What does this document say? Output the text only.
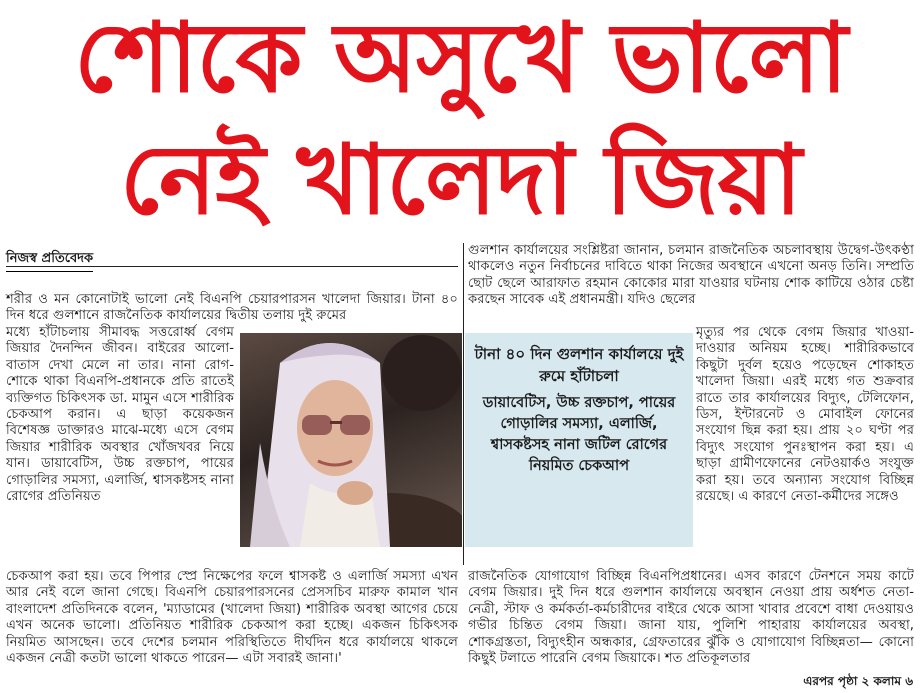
শোকে অসুখে ভালো
নেই খালেদা জিয়া
নিজস্ব প্রতিবেদক

শরীর ও মন কোনোটাই ভালো নেই বিএনপি চেয়ারপারসন খালেদা জিয়ার। টানা ৪০ দিন ধরে গুলশানে রাজনৈতিক কার্যালয়ের দ্বিতীয় তলায় দুই রুমের

মধ্যে হাঁটাচলায় সীমাবদ্ধ সত্তরোর্ধ্ব বেগম জিয়ার দৈনন্দিন জীবন। বাইরের আলো-বাতাস দেখা মেলে না তার। নানা রোগ-শোকে থাকা বিএনপি-প্রধানকে প্রতি রাতেই ব্যক্তিগত চিকিৎসক ডা. মামুন এসে শারীরিক চেকআপ করান। এ ছাড়া কয়েকজন বিশেষজ্ঞ ডাক্তারও মাঝে-মধ্যে এসে বেগম জিয়ার শারীরিক অবস্থার খোঁজখবর নিয়ে যান। ডায়াবেটিস, উচ্চ রক্তচাপ, পায়ের গোড়ালির সমস্যা, এলার্জি, শ্বাসকষ্টসহ নানা রোগের প্রতিনিয়ত

চেকআপ করা হয়। তবে পিপার স্প্রে নিক্ষেপের ফলে শ্বাসকষ্ট ও এলার্জি সমস্যা এখন আর নেই বলে জানা গেছে। বিএনপি চেয়ারপারসনের প্রেসসচিব মারুফ কামাল খান বাংলাদেশ প্রতিদিনকে বলেন, 'ম্যাডামের (খালেদা জিয়া) শারীরিক অবস্থা আগের চেয়ে এখন অনেক ভালো। প্রতিনিয়ত শারীরিক চেকআপ করা হচ্ছে। একজন চিকিৎসক নিয়মিত আসছেন। তবে দেশের চলমান পরিস্থিতিতে দীর্ঘদিন ধরে কার্যালয়ে থাকলে একজন নেত্রী কতটা ভালো থাকতে পারেন— এটা সবারই জানা।'

টানা ৪০ দিন গুলশান কার্যালয়ে দুই রুমে হাঁটাচলা
ডায়াবেটিস, উচ্চ রক্তচাপ, পায়ের গোড়ালির সমস্যা, এলার্জি, শ্বাসকষ্টসহ নানা জটিল রোগের নিয়মিত চেকআপ

গুলশান কার্যালয়ের সংশ্লিষ্টরা জানান, চলমান রাজনৈতিক অচলাবস্থায় উদ্বেগ-উৎকণ্ঠা থাকলেও নতুন নির্বাচনের দাবিতে থাকা নিজের অবস্থানে এখনো অনড় তিনি। সম্প্রতি ছোট ছেলে আরাফাত রহমান কোকোর মারা যাওয়ার ঘটনায় শোক কাটিয়ে ওঠার চেষ্টা করছেন সাবেক এই প্রধানমন্ত্রী। যদিও ছেলের

মৃত্যুর পর থেকে বেগম জিয়ার খাওয়া-দাওয়ার অনিয়ম হচ্ছে। শারীরিকভাবে কিছুটা দুর্বল হয়েও পড়েছেন শোকাহত খালেদা জিয়া। এরই মধ্যে গত শুক্রবার রাতে তার কার্যালয়ের বিদ্যুৎ, টেলিফোন, ডিস, ইন্টারনেট ও মোবাইল ফোনের সংযোগ ছিন্ন করা হয়। প্রায় ২০ ঘণ্টা পর বিদ্যুৎ সংযোগ পুনঃস্থাপন করা হয়। এ ছাড়া গ্রামীণফোনের নেটওয়ার্কও সংযুক্ত করা হয়। তবে অন্যান্য সংযোগ বিচ্ছিন্ন রয়েছে। এ কারণে নেতা-কর্মীদের সঙ্গেও

রাজনৈতিক যোগাযোগ বিচ্ছিন্ন বিএনপিপ্রধানের। এসব কারণে টেনশনে সময় কাটে বেগম জিয়ার। দুই দিন ধরে গুলশান কার্যালয়ে অবস্থান নেওয়া প্রায় অর্ধশত নেতা-নেত্রী, স্টাফ ও কর্মকর্তা-কর্মচারীদের বাইরে থেকে আসা খাবার প্রবেশে বাধা দেওয়ায়ও গভীর চিন্তিত বেগম জিয়া। জানা যায়, পুলিশি পাহারায় কার্যালয়ের অবস্থা, শোকগ্রস্ততা, বিদ্যুৎহীন অন্ধকার, গ্রেফতারের ঝুঁকি ও যোগাযোগ বিচ্ছিন্নতা— কোনো কিছুই টলাতে পারেনি বেগম জিয়াকে। শত প্রতিকূলতার

এরপর পৃষ্ঠা ২ কলাম ৬
